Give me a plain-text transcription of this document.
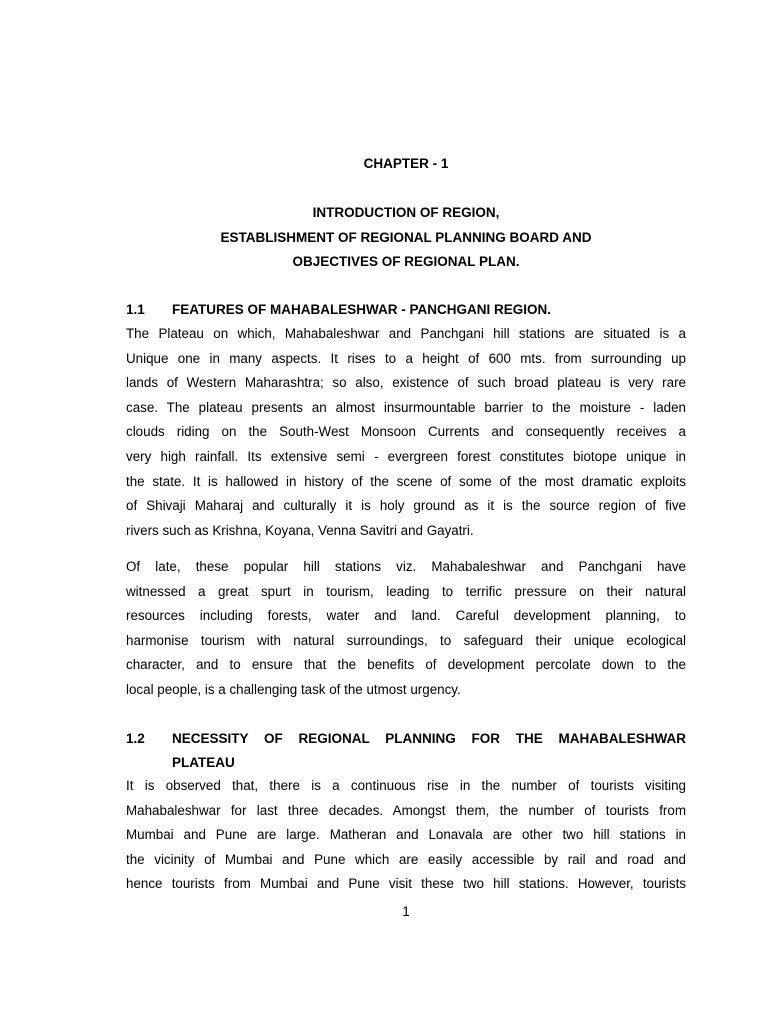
CHAPTER - 1
INTRODUCTION OF REGION,
ESTABLISHMENT OF REGIONAL PLANNING BOARD AND
OBJECTIVES OF REGIONAL PLAN.
1.1 FEATURES OF MAHABALESHWAR - PANCHGANI REGION.
The Plateau on which, Mahabaleshwar and Panchgani hill stations are situated is a
Unique one in many aspects. It rises to a height of 600 mts. from surrounding up
lands of Western Maharashtra; so also, existence of such broad plateau is very rare
case. The plateau presents an almost insurmountable barrier to the moisture - laden
clouds riding on the South-West Monsoon Currents and consequently receives a
very high rainfall. Its extensive semi - evergreen forest constitutes biotope unique in
the state. It is hallowed in history of the scene of some of the most dramatic exploits
of Shivaji Maharaj and culturally it is holy ground as it is the source region of five
rivers such as Krishna, Koyana, Venna Savitri and Gayatri.
Of late, these popular hill stations viz. Mahabaleshwar and Panchgani have
witnessed a great spurt in tourism, leading to terrific pressure on their natural
resources including forests, water and land. Careful development planning, to
harmonise tourism with natural surroundings, to safeguard their unique ecological
character, and to ensure that the benefits of development percolate down to the
local people, is a challenging task of the utmost urgency.
1.2 NECESSITY OF REGIONAL PLANNING FOR THE MAHABALESHWAR
PLATEAU
It is observed that, there is a continuous rise in the number of tourists visiting
Mahabaleshwar for last three decades. Amongst them, the number of tourists from
Mumbai and Pune are large. Matheran and Lonavala are other two hill stations in
the vicinity of Mumbai and Pune which are easily accessible by rail and road and
hence tourists from Mumbai and Pune visit these two hill stations. However, tourists
1
